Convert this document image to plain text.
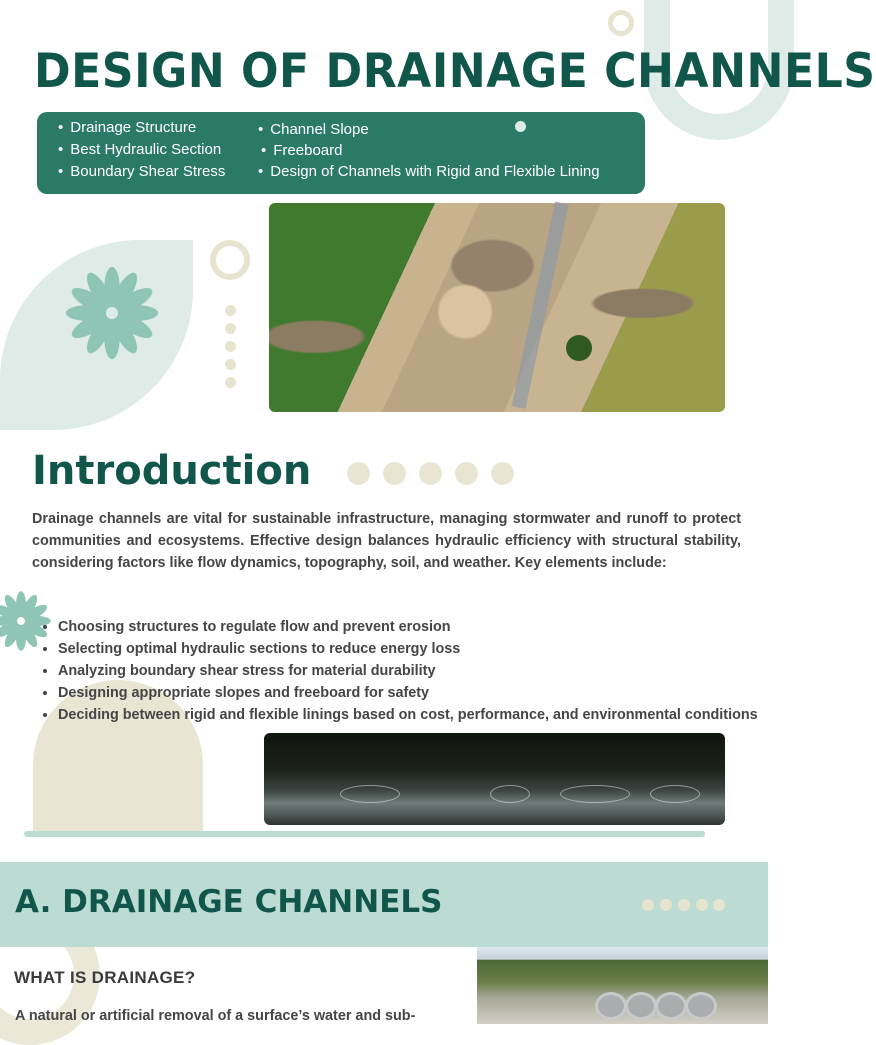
DESIGN OF DRAINAGE CHANNELS
• Drainage Structure
• Best Hydraulic Section
• Boundary Shear Stress
• Channel Slope
• Freeboard
• Design of Channels with Rigid and Flexible Lining
Introduction

Drainage channels are vital for sustainable infrastructure, managing stormwater and runoff to protect communities and ecosystems. Effective design balances hydraulic efficiency with structural stability, considering factors like flow dynamics, topography, soil, and weather. Key elements include:

• Choosing structures to regulate flow and prevent erosion
• Selecting optimal hydraulic sections to reduce energy loss
• Analyzing boundary shear stress for material durability
• Designing appropriate slopes and freeboard for safety
• Deciding between rigid and flexible linings based on cost, performance, and environmental conditions
A. DRAINAGE CHANNELS
WHAT IS DRAINAGE?

A natural or artificial removal of a surface’s water and sub-
